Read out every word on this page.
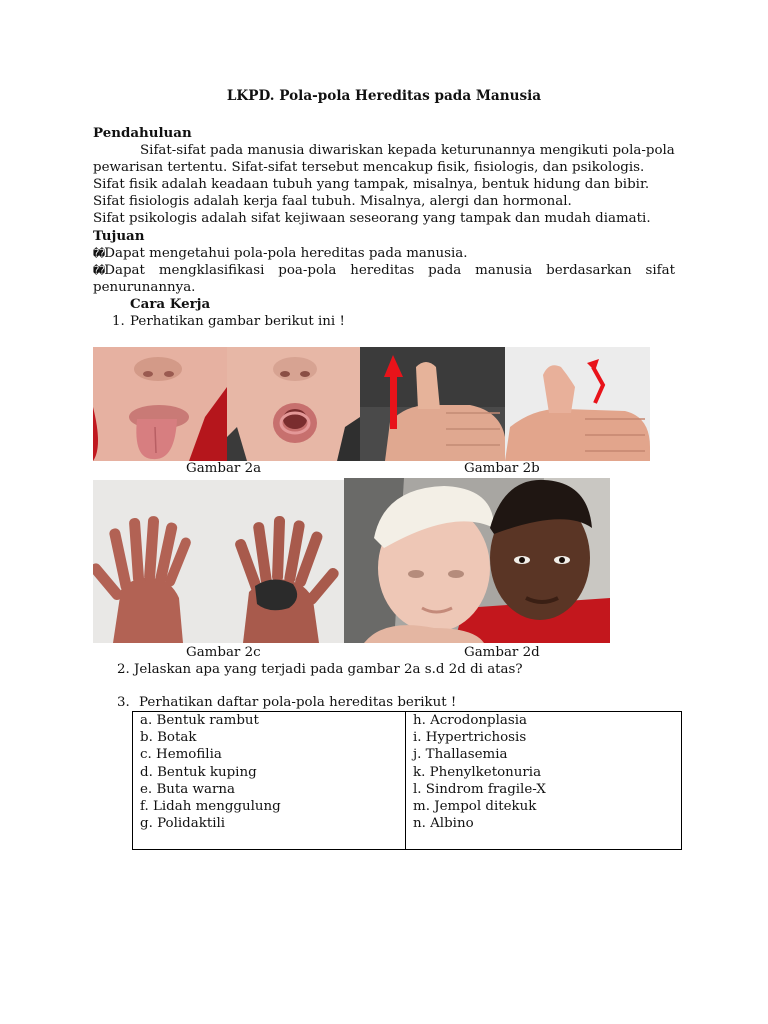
LKPD. Pola-pola Hereditas pada Manusia
Pendahuluan
Sifat-sifat pada manusia diwariskan kepada keturunannya mengikuti pola-pola
pewarisan tertentu. Sifat-sifat tersebut mencakup fisik, fisiologis, dan psikologis.
Sifat fisik adalah keadaan tubuh yang tampak, misalnya, bentuk hidung dan bibir.
Sifat fisiologis adalah kerja faal tubuh. Misalnya, alergi dan hormonal.
Sifat psikologis adalah sifat kejiwaan seseorang yang tampak dan mudah diamati.
Tujuan
��Dapat mengetahui pola-pola hereditas pada manusia.
��Dapat mengklasifikasi poa-pola hereditas pada manusia berdasarkan sifat
penurunannya.
Cara Kerja
1. Perhatikan gambar berikut ini !
Gambar 2a	Gambar 2b
Gambar 2c	Gambar 2d
2. Jelaskan apa yang terjadi pada gambar 2a s.d 2d di atas?
3. Perhatikan daftar pola-pola hereditas berikut !
a. Bentuk rambut
b. Botak
c. Hemofilia
d. Bentuk kuping
e. Buta warna
f. Lidah menggulung
g. Polidaktili

h. Acrodonplasia
i. Hypertrichosis
j. Thallasemia
k. Phenylketonuria
l. Sindrom fragile-X
m. Jempol ditekuk
n. Albino
